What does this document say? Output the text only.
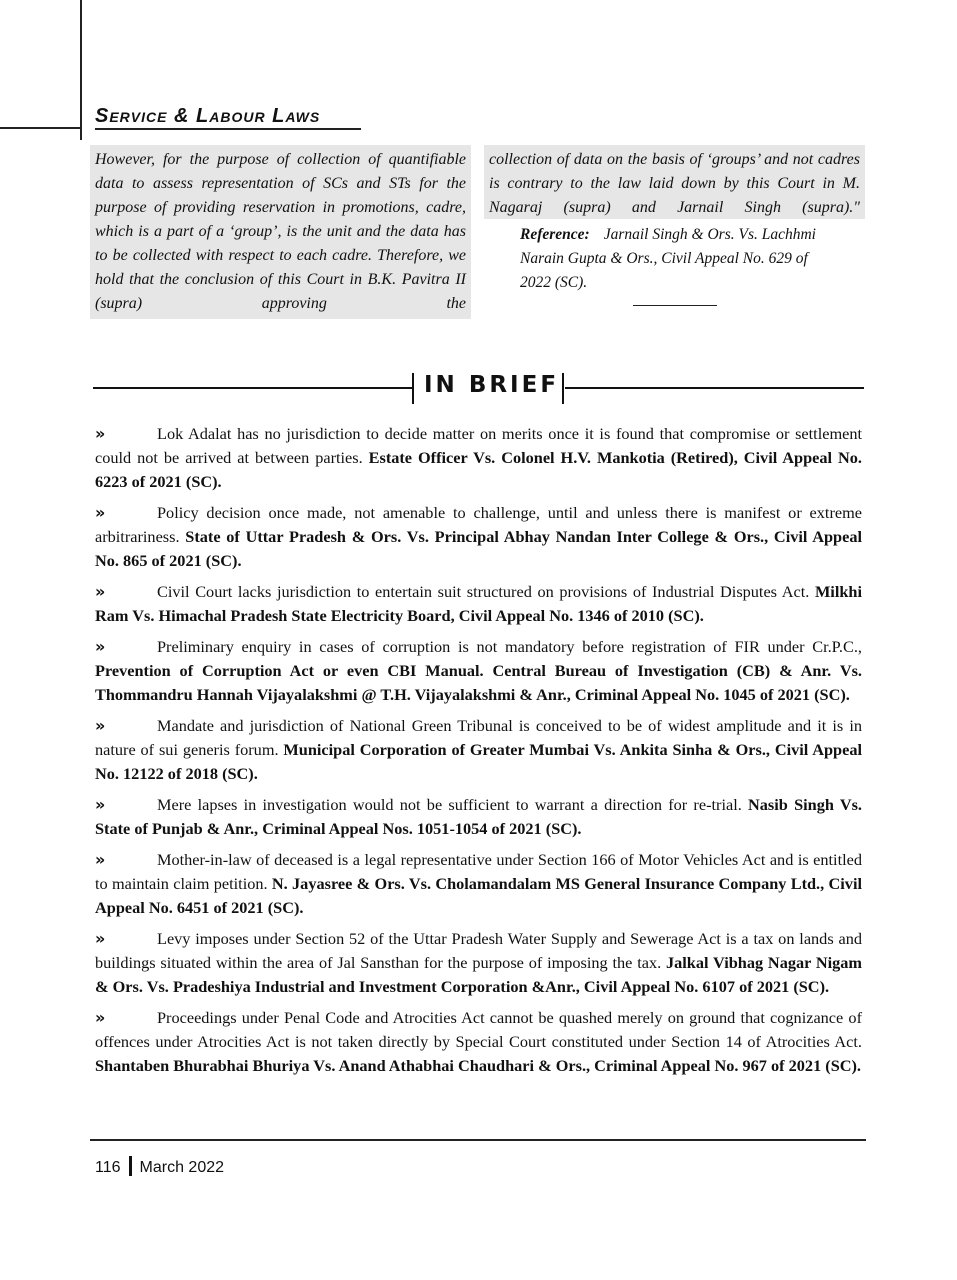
Service & Labour Laws
However, for the purpose of collection of quantifiable data to assess representation of SCs and STs for the purpose of providing reservation in promotions, cadre, which is a part of a ‘group’, is the unit and the data has to be collected with respect to each cadre. Therefore, we hold that the conclusion of this Court in B.K. Pavitra II (supra) approving the
collection of data on the basis of ‘groups’ and not cadres is contrary to the law laid down by this Court in M. Nagaraj (supra) and Jarnail Singh (supra)."
Reference: Jarnail Singh & Ors. Vs. Lachhmi Narain Gupta & Ors., Civil Appeal No. 629 of 2022 (SC).
IN BRIEF
»	Lok Adalat has no jurisdiction to decide matter on merits once it is found that compromise or settlement could not be arrived at between parties. Estate Officer Vs. Colonel H.V. Mankotia (Retired), Civil Appeal No. 6223 of 2021 (SC).
»	Policy decision once made, not amenable to challenge, until and unless there is manifest or extreme arbitrariness. State of Uttar Pradesh & Ors. Vs. Principal Abhay Nandan Inter College & Ors., Civil Appeal No. 865 of 2021 (SC).
»	Civil Court lacks jurisdiction to entertain suit structured on provisions of Industrial Disputes Act. Milkhi Ram Vs. Himachal Pradesh State Electricity Board, Civil Appeal No. 1346 of 2010 (SC).
»	Preliminary enquiry in cases of corruption is not mandatory before registration of FIR under Cr.P.C., Prevention of Corruption Act or even CBI Manual. Central Bureau of Investigation (CB) & Anr. Vs. Thommandru Hannah Vijayalakshmi @ T.H. Vijayalakshmi & Anr., Criminal Appeal No. 1045 of 2021 (SC).
»	Mandate and jurisdiction of National Green Tribunal is conceived to be of widest amplitude and it is in nature of sui generis forum. Municipal Corporation of Greater Mumbai Vs. Ankita Sinha & Ors., Civil Appeal No. 12122 of 2018 (SC).
»	Mere lapses in investigation would not be sufficient to warrant a direction for re-trial. Nasib Singh Vs. State of Punjab & Anr., Criminal Appeal Nos. 1051-1054 of 2021 (SC).
»	Mother-in-law of deceased is a legal representative under Section 166 of Motor Vehicles Act and is entitled to maintain claim petition. N. Jayasree & Ors. Vs. Cholamandalam MS General Insurance Company Ltd., Civil Appeal No. 6451 of 2021 (SC).
»	Levy imposes under Section 52 of the Uttar Pradesh Water Supply and Sewerage Act is a tax on lands and buildings situated within the area of Jal Sansthan for the purpose of imposing the tax. Jalkal Vibhag Nagar Nigam & Ors. Vs. Pradeshiya Industrial and Investment Corporation &Anr., Civil Appeal No. 6107 of 2021 (SC).
»	Proceedings under Penal Code and Atrocities Act cannot be quashed merely on ground that cognizance of offences under Atrocities Act is not taken directly by Special Court constituted under Section 14 of Atrocities Act. Shantaben Bhurabhai Bhuriya Vs. Anand Athabhai Chaudhari & Ors., Criminal Appeal No. 967 of 2021 (SC).
116 March 2022
